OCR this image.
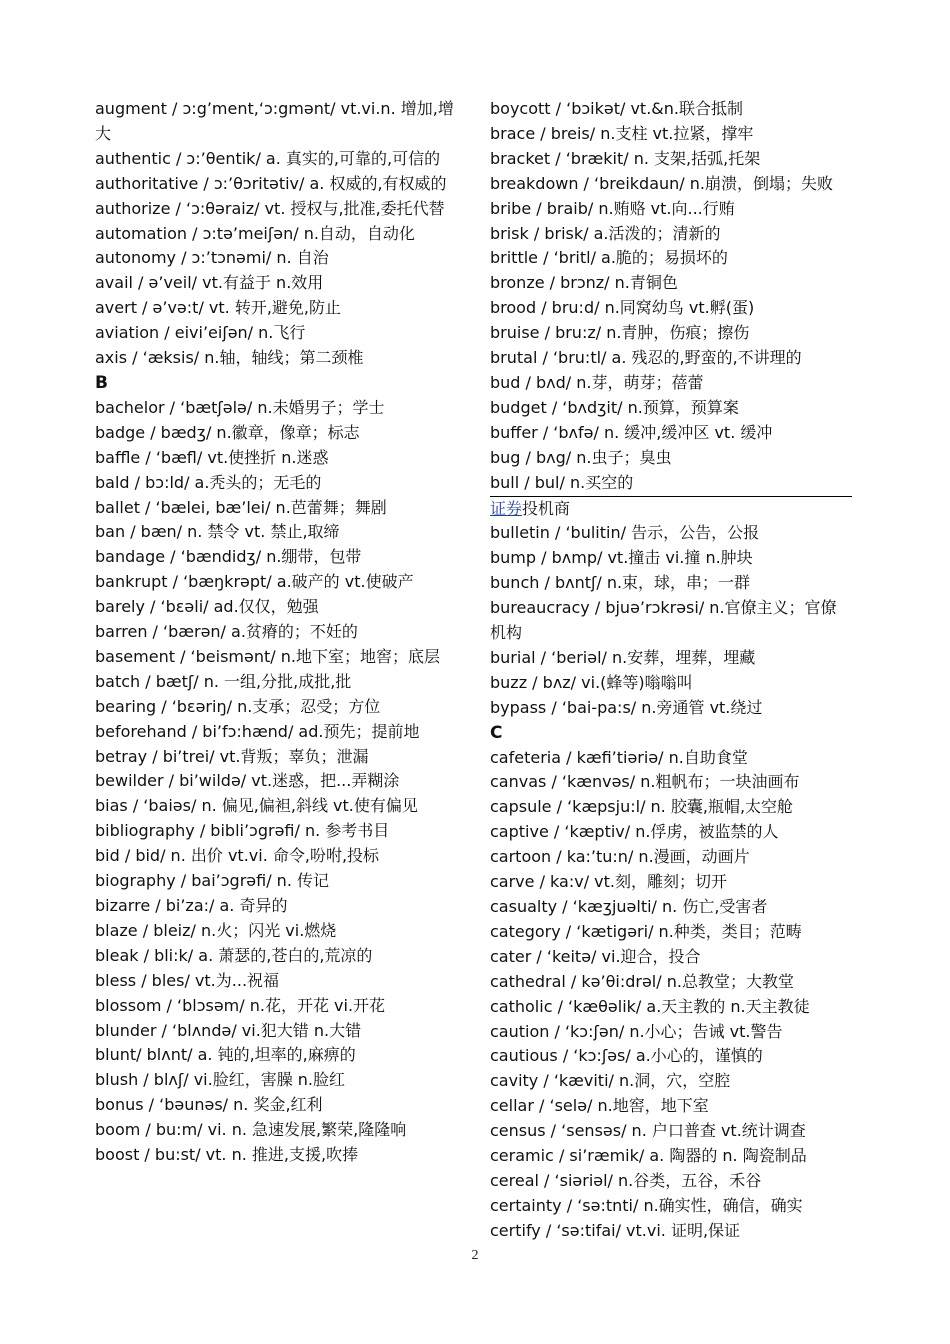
augment / ɔ:g’ment,‘ɔ:gmənt/ vt.vi.n. 增加,增大
authentic / ɔ:’θentik/ a. 真实的,可靠的,可信的
authoritative / ɔ:’θɔritətiv/ a. 权威的,有权威的
authorize / ‘ɔ:θəraiz/ vt. 授权与,批准,委托代替
automation / ɔ:tə’meiʃən/ n.自动，自动化
autonomy / ɔ:’tɔnəmi/ n. 自治
avail / ə’veil/ vt.有益于 n.效用
avert / ə’və:t/ vt. 转开,避免,防止
aviation / eivi’eiʃən/ n.飞行
axis / ‘æksis/ n.轴，轴线；第二颈椎
B
bachelor / ‘bætʃələ/ n.未婚男子；学士
badge / bædʒ/ n.徽章，像章；标志
baffle / ‘bæfl/ vt.使挫折 n.迷惑
bald / bɔ:ld/ a.秃头的；无毛的
ballet / ‘bælei, bæ’lei/ n.芭蕾舞；舞剧
ban / bæn/ n. 禁令 vt. 禁止,取缔
bandage / ‘bændidʒ/ n.绷带，包带
bankrupt / ‘bæŋkrəpt/ a.破产的 vt.使破产
barely / ‘bɛəli/ ad.仅仅，勉强
barren / ‘bærən/ a.贫瘠的；不妊的
basement / ‘beismənt/ n.地下室；地窖；底层
batch / bætʃ/ n. 一组,分批,成批,批
bearing / ‘bɛəriŋ/ n.支承；忍受；方位
beforehand / bi’fɔ:hænd/ ad.预先；提前地
betray / bi’trei/ vt.背叛；辜负；泄漏
bewilder / bi’wildə/ vt.迷惑，把...弄糊涂
bias / ‘baiəs/ n. 偏见,偏袒,斜线 vt.使有偏见
bibliography / bibli’ɔgrəfi/ n. 参考书目
bid / bid/ n. 出价 vt.vi. 命令,吩咐,投标
biography / bai’ɔgrəfi/ n. 传记
bizarre / bi’za:/ a. 奇异的
blaze / bleiz/ n.火；闪光 vi.燃烧
bleak / bli:k/ a. 萧瑟的,苍白的,荒凉的
bless / bles/ vt.为...祝福
blossom / ‘blɔsəm/ n.花，开花 vi.开花
blunder / ‘blʌndə/ vi.犯大错 n.大错
blunt/ blʌnt/ a. 钝的,坦率的,麻痹的
blush / blʌʃ/ vi.脸红，害臊 n.脸红
bonus / ‘bəunəs/ n. 奖金,红利
boom / bu:m/ vi. n. 急速发展,繁荣,隆隆响
boost / bu:st/ vt. n. 推进,支援,吹捧
boycott / ‘bɔikət/ vt.&n.联合抵制
brace / breis/ n.支柱 vt.拉紧，撑牢
bracket / ‘brækit/ n. 支架,括弧,托架
breakdown / ‘breikdaun/ n.崩溃，倒塌；失败
bribe / braib/ n.贿赂 vt.向...行贿
brisk / brisk/ a.活泼的；清新的
brittle / ‘britl/ a.脆的；易损坏的
bronze / brɔnz/ n.青铜色
brood / bru:d/ n.同窝幼鸟 vt.孵(蛋)
bruise / bru:z/ n.青肿，伤痕；擦伤
brutal / ‘bru:tl/ a. 残忍的,野蛮的,不讲理的
bud / bʌd/ n.芽，萌芽；蓓蕾
budget / ‘bʌdʒit/ n.预算，预算案
buffer / ‘bʌfə/ n. 缓冲,缓冲区 vt. 缓冲
bug / bʌg/ n.虫子；臭虫
bull / bul/ n.买空的
证券投机商
bulletin / ‘bulitin/ 告示，公告，公报
bump / bʌmp/ vt.撞击 vi.撞 n.肿块
bunch / bʌntʃ/ n.束，球，串；一群
bureaucracy / bjuə’rɔkrəsi/ n.官僚主义；官僚机构
burial / ‘beriəl/ n.安葬，埋葬，埋藏
buzz / bʌz/ vi.(蜂等)嗡嗡叫
bypass / ‘bai-pa:s/ n.旁通管 vt.绕过
C
cafeteria / kæfi’tiəriə/ n.自助食堂
canvas / ‘kænvəs/ n.粗帆布；一块油画布
capsule / ‘kæpsju:l/ n. 胶囊,瓶帽,太空舱
captive / ‘kæptiv/ n.俘虏，被监禁的人
cartoon / ka:’tu:n/ n.漫画，动画片
carve / ka:v/ vt.刻，雕刻；切开
casualty / ‘kæʒjuəlti/ n. 伤亡,受害者
category / ‘kætigəri/ n.种类，类目；范畴
cater / ‘keitə/ vi.迎合，投合
cathedral / kə’θi:drəl/ n.总教堂；大教堂
catholic / ‘kæθəlik/ a.天主教的 n.天主教徒
caution / ‘kɔ:ʃən/ n.小心；告诫 vt.警告
cautious / ‘kɔ:ʃəs/ a.小心的，谨慎的
cavity / ‘kæviti/ n.洞，穴，空腔
cellar / ‘selə/ n.地窖，地下室
census / ‘sensəs/ n. 户口普查 vt.统计调查
ceramic / si’ræmik/ a. 陶器的 n. 陶瓷制品
cereal / ‘siəriəl/ n.谷类，五谷，禾谷
certainty / ‘sə:tnti/ n.确实性，确信，确实
certify / ‘sə:tifai/ vt.vi. 证明,保证
2
